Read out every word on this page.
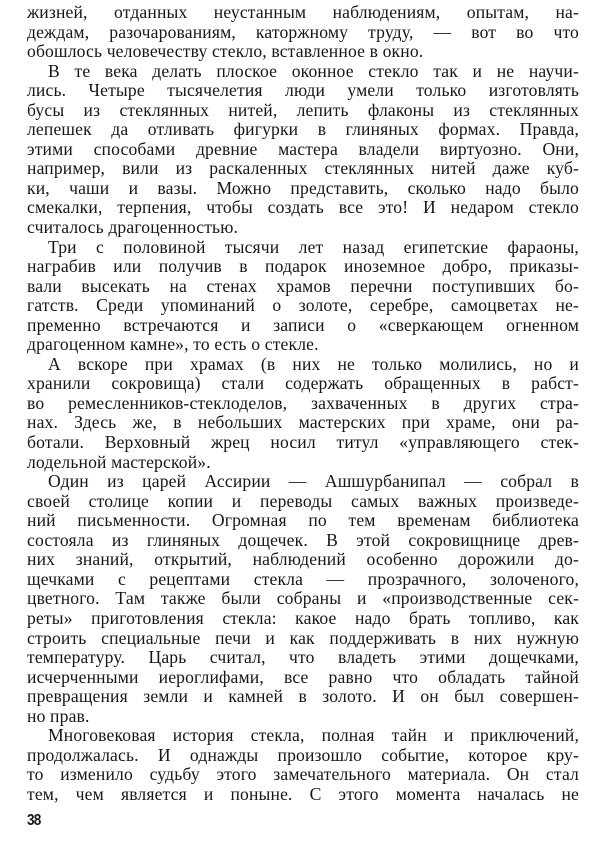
жизней, отданных неустанным наблюдениям, опытам, на-
деждам, разочарованиям, каторжному труду, — вот во что
обошлось человечеству стекло, вставленное в окно.
В те века делать плоское оконное стекло так и не научи-
лись. Четыре тысячелетия люди умели только изготовлять
бусы из стеклянных нитей, лепить флаконы из стеклянных
лепешек да отливать фигурки в глиняных формах. Правда,
этими способами древние мастера владели виртуозно. Они,
например, вили из раскаленных стеклянных нитей даже куб-
ки, чаши и вазы. Можно представить, сколько надо было
смекалки, терпения, чтобы создать все это! И недаром стекло
считалось драгоценностью.
Три с половиной тысячи лет назад египетские фараоны,
награбив или получив в подарок иноземное добро, приказы-
вали высекать на стенах храмов перечни поступивших бо-
гатств. Среди упоминаний о золоте, серебре, самоцветах не-
пременно встречаются и записи о «сверкающем огненном
драгоценном камне», то есть о стекле.
А вскоре при храмах (в них не только молились, но и
хранили сокровища) стали содержать обращенных в рабст-
во ремесленников-стеклоделов, захваченных в других стра-
нах. Здесь же, в небольших мастерских при храме, они ра-
ботали. Верховный жрец носил титул «управляющего стек-
лодельной мастерской».
Один из царей Ассирии — Ашшурбанипал — собрал в
своей столице копии и переводы самых важных произведе-
ний письменности. Огромная по тем временам библиотека
состояла из глиняных дощечек. В этой сокровищнице древ-
них знаний, открытий, наблюдений особенно дорожили до-
щечками с рецептами стекла — прозрачного, золоченого,
цветного. Там также были собраны и «производственные сек-
реты» приготовления стекла: какое надо брать топливо, как
строить специальные печи и как поддерживать в них нужную
температуру. Царь считал, что владеть этими дощечками,
исчерченными иероглифами, все равно что обладать тайной
превращения земли и камней в золото. И он был совершен-
но прав.
Многовековая история стекла, полная тайн и приключений,
продолжалась. И однажды произошло событие, которое кру-
то изменило судьбу этого замечательного материала. Он стал
тем, чем является и поныне. С этого момента началась не
38
